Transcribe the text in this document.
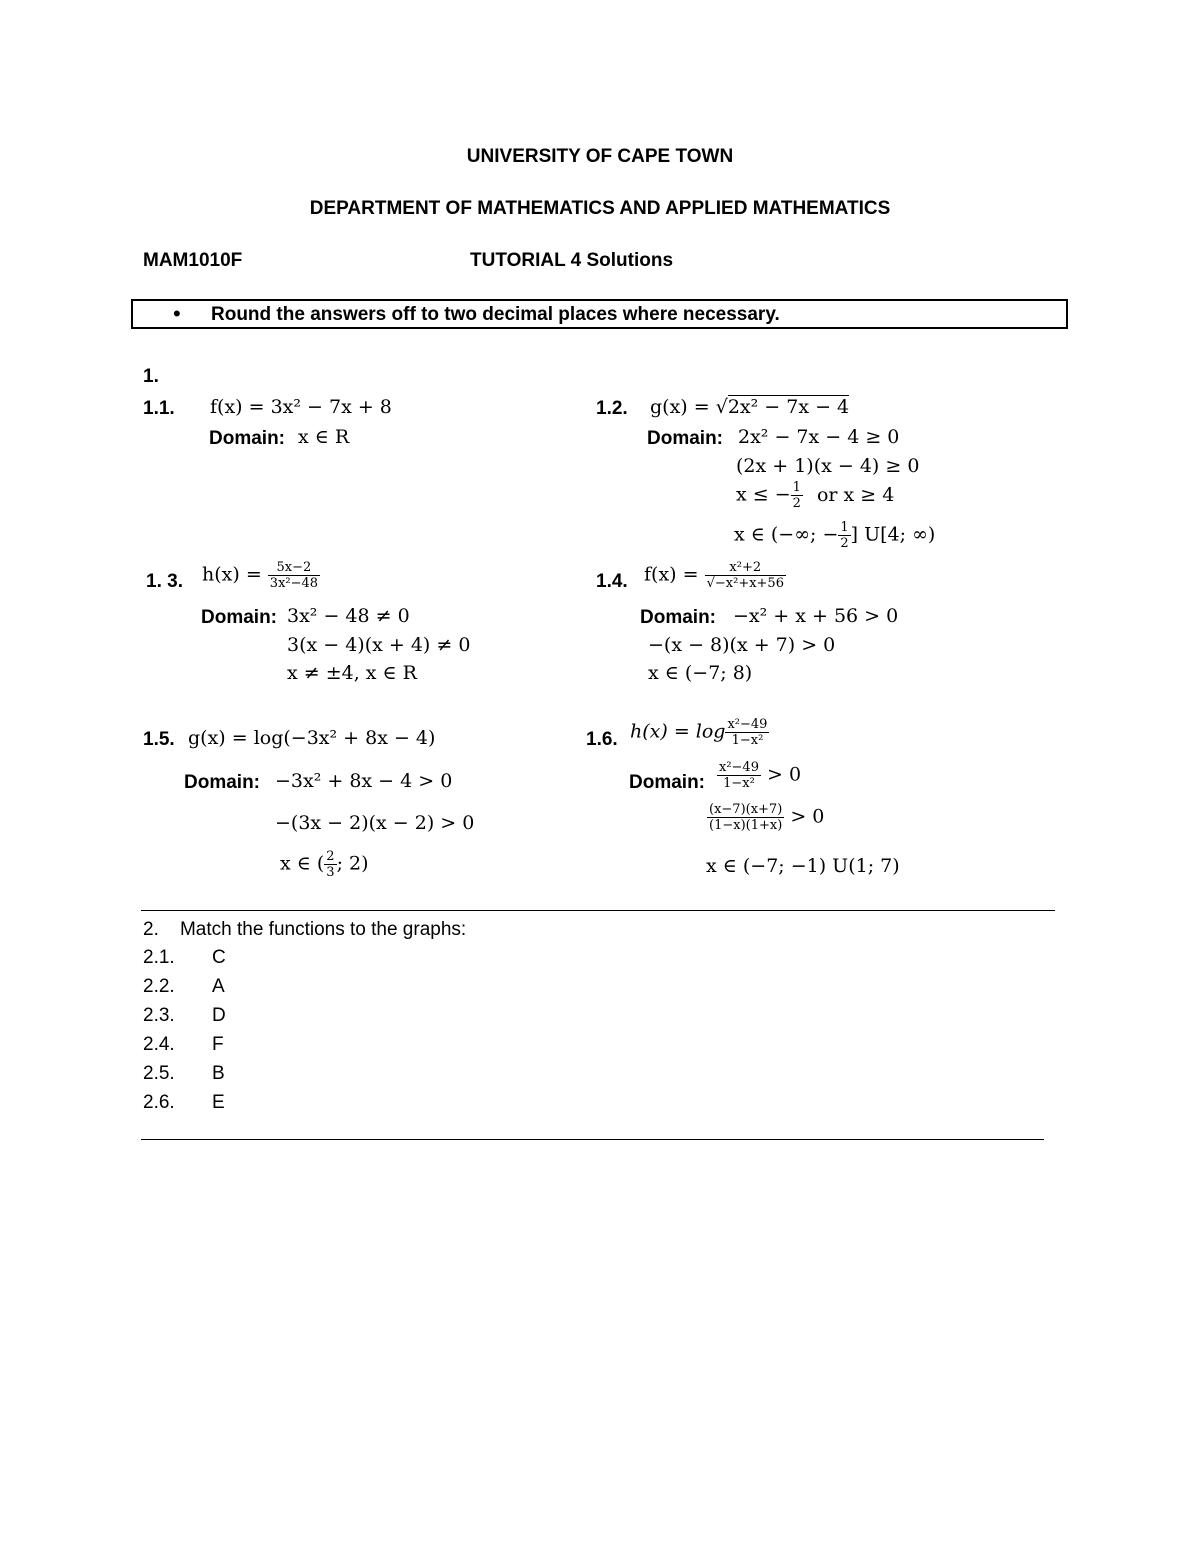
UNIVERSITY OF CAPE TOWN
DEPARTMENT OF MATHEMATICS AND APPLIED MATHEMATICS
MAM1010F	TUTORIAL 4 Solutions
• Round the answers off to two decimal places where necessary.
1.
1.1. f(x) = 3x² − 7x + 8
Domain: x ∈ R
1.2. g(x) = √2x² − 7x − 4
Domain: 2x² − 7x − 4 ≥ 0
(2x + 1)(x − 4) ≥ 0
x ≤ − $\frac{1}{2}$ or x ≥ 4
x ∈ (−∞; − $\frac{1}{2}$ ] U[4; ∞)
1. 3. $h(x) = \frac{5x-2}{\text{3x²−48}}$
Domain: 3x² − 48 ≠ 0
3(x − 4)(x + 4) ≠ 0
x ≠ ±4, x ∈ R
1.4. $f(x) = \frac{\text{x²+2}}{\text{√−x²+x+56}}$
Domain: −x² + x + 56 > 0
−(x − 8)(x + 7) > 0
x ∈ (−7; 8)
1.5. g(x) = log(−3x² + 8x − 4)
Domain: −3x² + 8x − 4 > 0
−(3x − 2)(x − 2) > 0
x ∈ ( $\frac{2}{3}$ ; 2)
1.6. $h(x) = \log \frac{\text{x²−49}}{\text{1−x²}}$
Domain: $\frac{\text{x²−49}}{\text{1−x²}} > 0$
$\frac{(x-7)(x+7)}{(1-x)(1+x)} > 0$
x ∈ (−7; −1) U(1; 7)
2.    Match the functions to the graphs:
2.1. C
2.2. A
2.3. D
2.4. F
2.5. B
2.6. E
